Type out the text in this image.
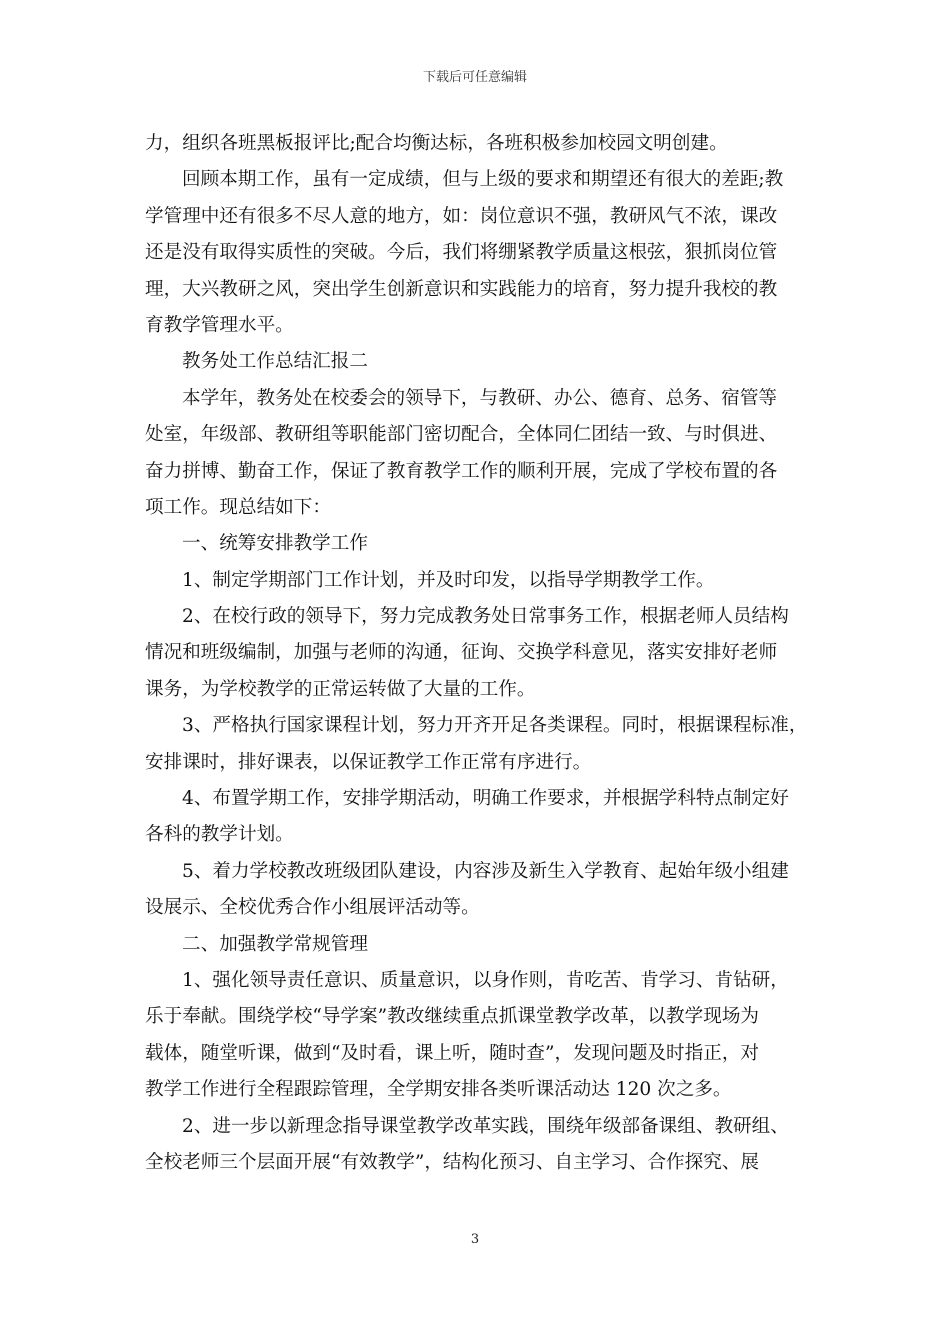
下载后可任意编辑
力，组织各班黑板报评比;配合均衡达标，各班积极参加校园文明创建。
回顾本期工作，虽有一定成绩，但与上级的要求和期望还有很大的差距;教
学管理中还有很多不尽人意的地方，如：岗位意识不强，教研风气不浓，课改
还是没有取得实质性的突破。今后，我们将绷紧教学质量这根弦，狠抓岗位管
理，大兴教研之风，突出学生创新意识和实践能力的培育，努力提升我校的教
育教学管理水平。
教务处工作总结汇报二
本学年，教务处在校委会的领导下，与教研、办公、德育、总务、宿管等
处室，年级部、教研组等职能部门密切配合，全体同仁团结一致、与时俱进、
奋力拼博、勤奋工作，保证了教育教学工作的顺利开展，完成了学校布置的各
项工作。现总结如下：
一、统筹安排教学工作
1、制定学期部门工作计划，并及时印发，以指导学期教学工作。
2、在校行政的领导下，努力完成教务处日常事务工作，根据老师人员结构
情况和班级编制，加强与老师的沟通，征询、交换学科意见，落实安排好老师
课务，为学校教学的正常运转做了大量的工作。
3、严格执行国家课程计划，努力开齐开足各类课程。同时，根据课程标准，
安排课时，排好课表，以保证教学工作正常有序进行。
4、布置学期工作，安排学期活动，明确工作要求，并根据学科特点制定好
各科的教学计划。
5、着力学校教改班级团队建设，内容涉及新生入学教育、起始年级小组建
设展示、全校优秀合作小组展评活动等。
二、加强教学常规管理
1、强化领导责任意识、质量意识，以身作则，肯吃苦、肯学习、肯钻研，
乐于奉献。围绕学校“导学案”教改继续重点抓课堂教学改革，以教学现场为
载体，随堂听课，做到“及时看，课上听，随时查”，发现问题及时指正，对
教学工作进行全程跟踪管理，全学期安排各类听课活动达 120 次之多。
2、进一步以新理念指导课堂教学改革实践，围绕年级部备课组、教研组、
全校老师三个层面开展“有效教学”，结构化预习、自主学习、合作探究、展
3
